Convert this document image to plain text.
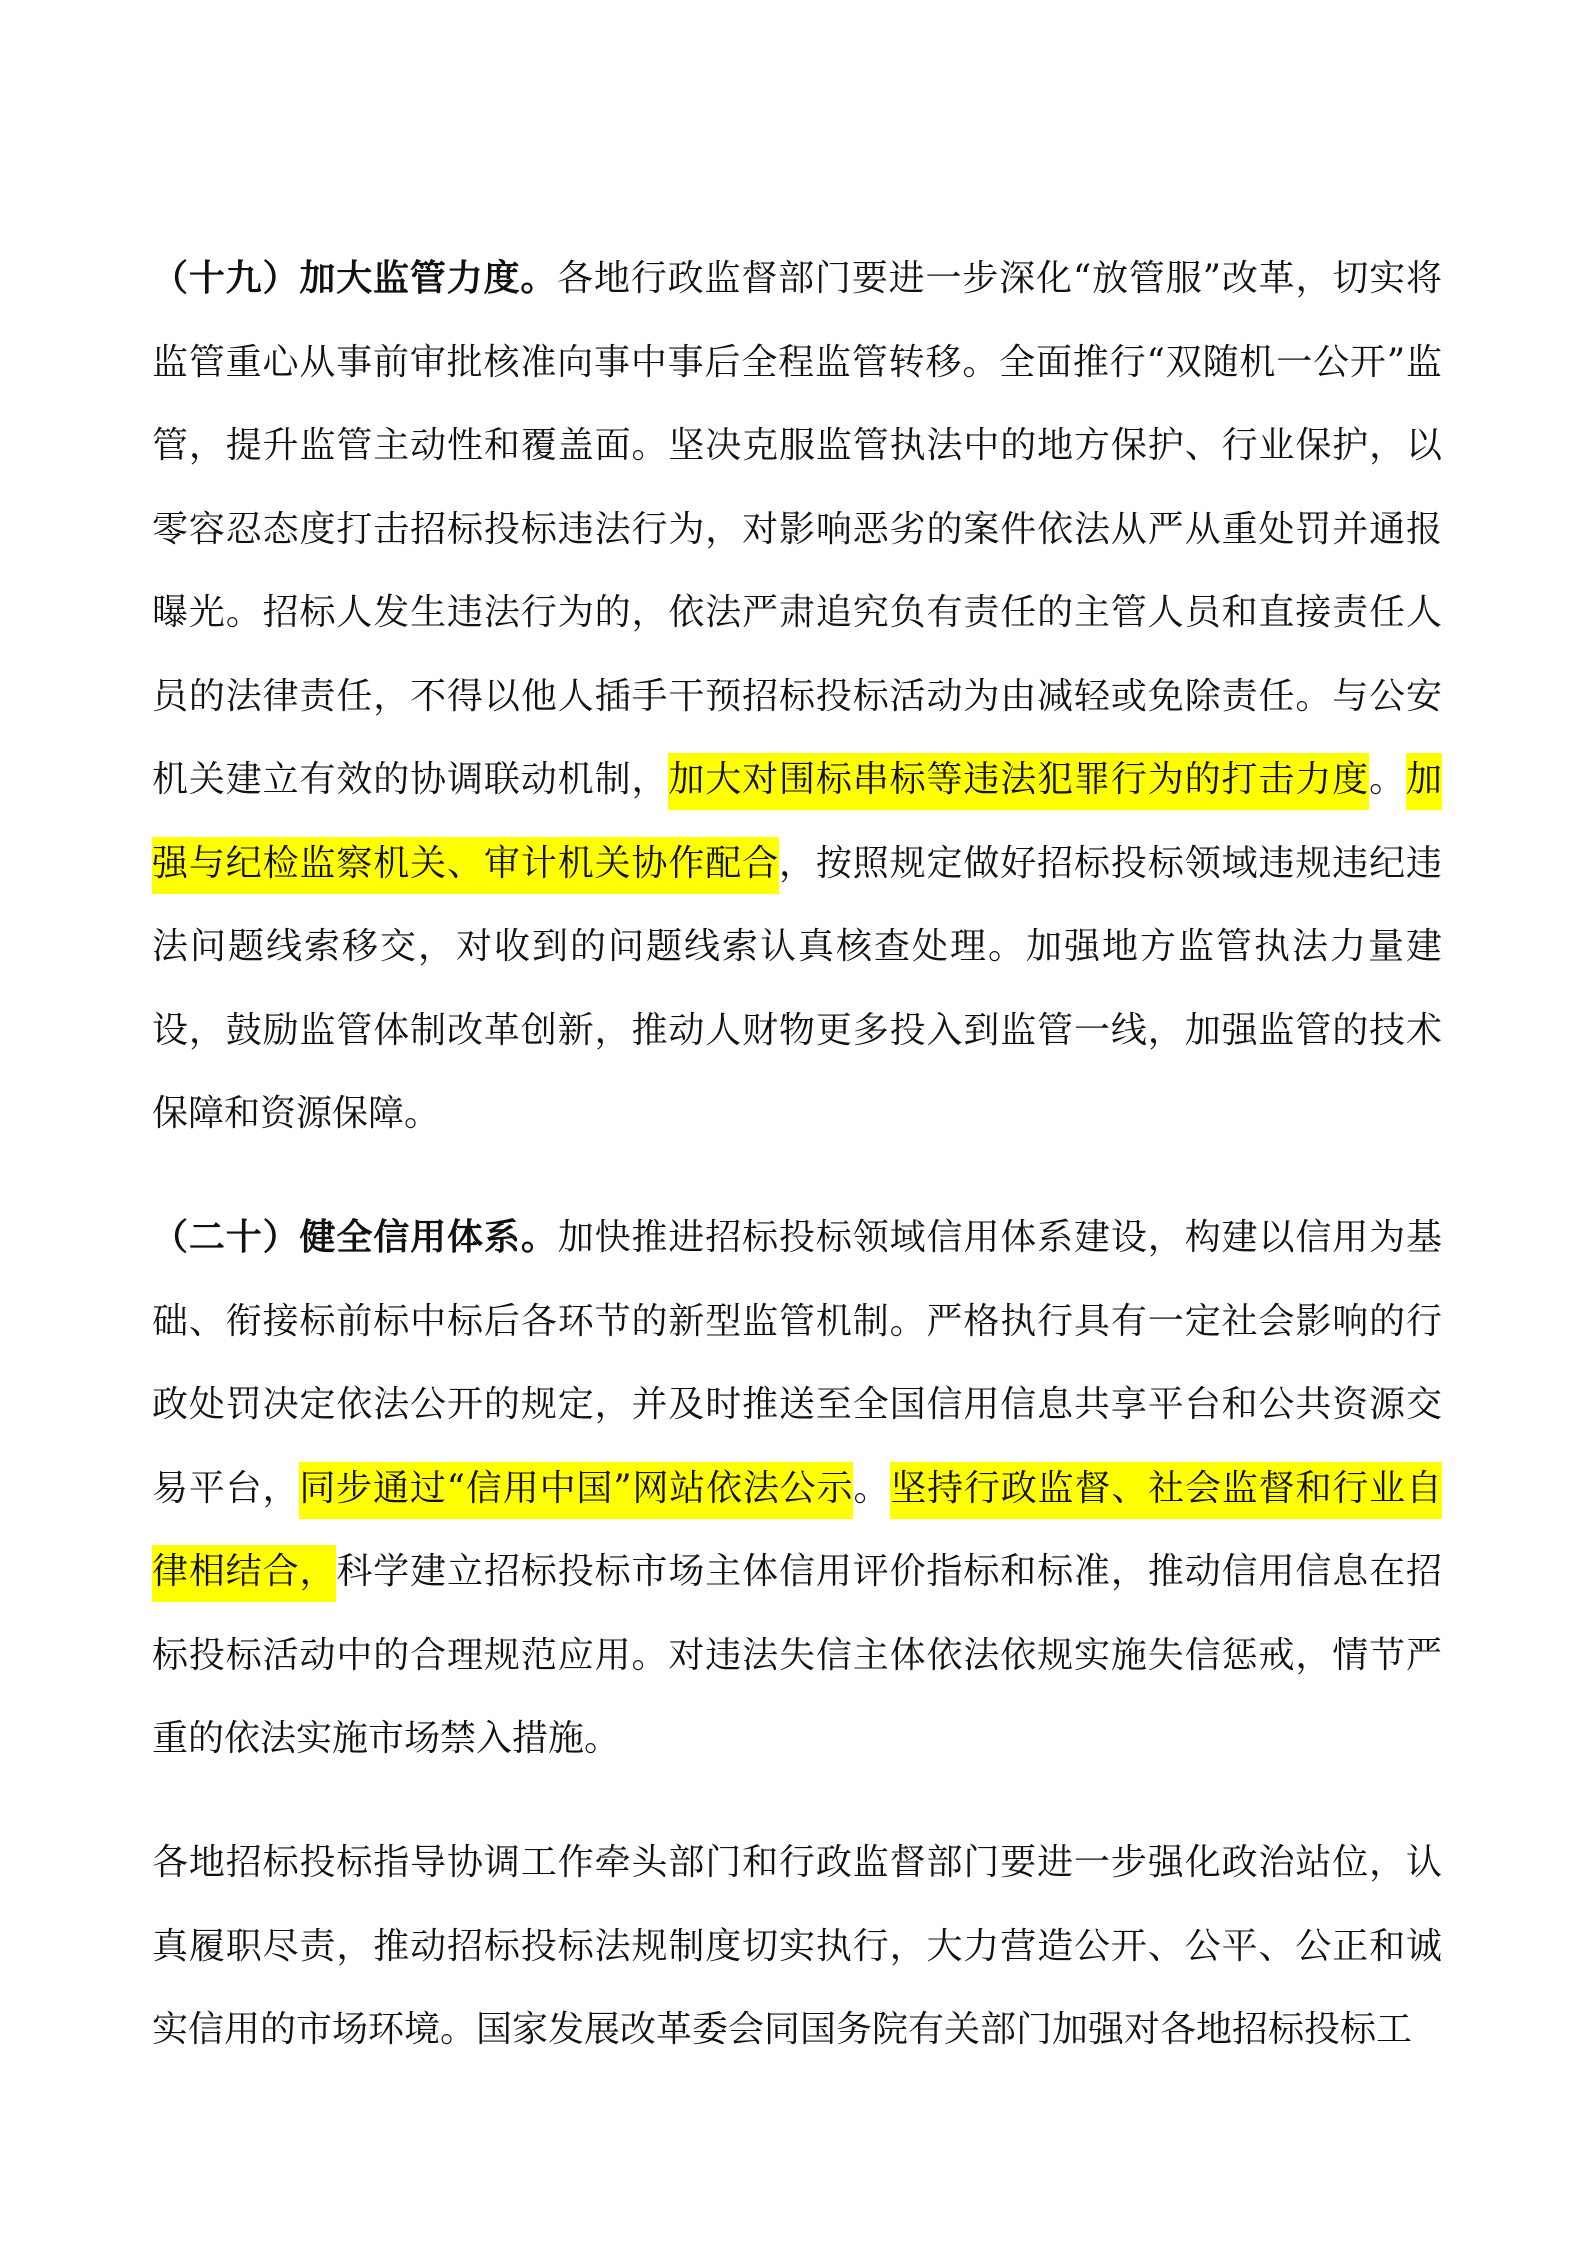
（十九）加大监管力度。各地行政监督部门要进一步深化“放管服”改革，切实将监管重心从事前审批核准向事中事后全程监管转移。全面推行“双随机一公开”监管，提升监管主动性和覆盖面。坚决克服监管执法中的地方保护、行业保护，以零容忍态度打击招标投标违法行为，对影响恶劣的案件依法从严从重处罚并通报曝光。招标人发生违法行为的，依法严肃追究负有责任的主管人员和直接责任人员的法律责任，不得以他人插手干预招标投标活动为由减轻或免除责任。与公安机关建立有效的协调联动机制，加大对围标串标等违法犯罪行为的打击力度。加强与纪检监察机关、审计机关协作配合，按照规定做好招标投标领域违规违纪违法问题线索移交，对收到的问题线索认真核查处理。加强地方监管执法力量建设，鼓励监管体制改革创新，推动人财物更多投入到监管一线，加强监管的技术保障和资源保障。

（二十）健全信用体系。加快推进招标投标领域信用体系建设，构建以信用为基础、衔接标前标中标后各环节的新型监管机制。严格执行具有一定社会影响的行政处罚决定依法公开的规定，并及时推送至全国信用信息共享平台和公共资源交易平台，同步通过“信用中国”网站依法公示。坚持行政监督、社会监督和行业自律相结合，科学建立招标投标市场主体信用评价指标和标准，推动信用信息在招标投标活动中的合理规范应用。对违法失信主体依法依规实施失信惩戒，情节严重的依法实施市场禁入措施。

各地招标投标指导协调工作牵头部门和行政监督部门要进一步强化政治站位，认真履职尽责，推动招标投标法规制度切实执行，大力营造公开、公平、公正和诚实信用的市场环境。国家发展改革委会同国务院有关部门加强对各地招标投标工
